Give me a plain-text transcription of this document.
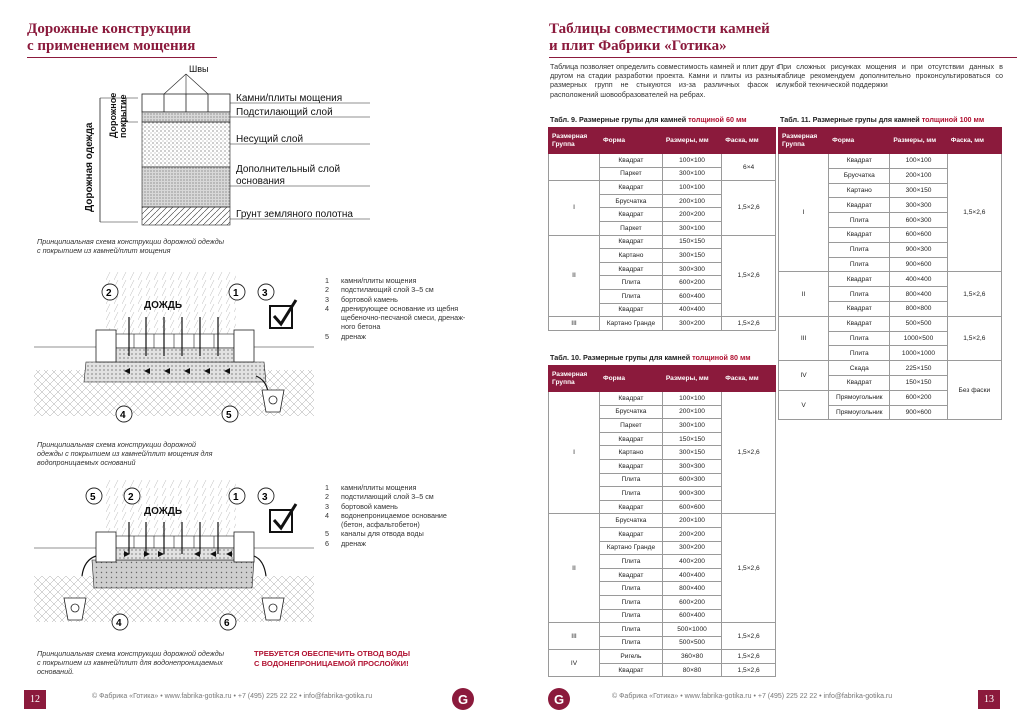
Дорожные конструкции
с применением мощения
Швы
Дорожная одежда
Дорожное покрытие	Камни/плиты мощения
Подстилающий слой
Несущий слой
Дополнительный слой
основания
Грунт земляного полотна
Принципиальная схема конструкции дорожной одежды
с покрытием из камней/плит мощения
ДОЖДЬ
2	1 3
4	5
1	камни/плиты мощения
2	подстилающий слой 3–5 см
3	бортовой камень
4	дренирующее основание из щебня
щебеночно-песчаной смеси, дренаж-
ного бетона
5	дренаж
Принципиальная схема конструкции дорожной
одежды с покрытием из камней/плит мощения для
водопроницаемых оснований
ДОЖДЬ
5	2	1 3
4	6
1	камни/плиты мощения
2	подстилающий слой 3–5 см
3	бортовой камень
4	водонепроницаемое основание
(бетон, асфальтобетон)
5	каналы для отвода воды
6	дренаж
Принципиальная схема конструкции дорожной одежды
с покрытием из камней/плит для водонепроницаемых
оснований.
ТРЕБУЕТСЯ ОБЕСПЕЧИТЬ ОТВОД ВОДЫ
С ВОДОНЕПРОНИЦАЕМОЙ ПРОСЛОЙКИ!
12	© Фабрика «Готика» • www.fabrika-gotika.ru • +7 (495) 225 22 22 • info@fabrika-gotika.ru	G
Таблицы совместимости камней
и плит Фабрики «Готика»
Таблица позволяет определить совместимость камней и плит друг с другом на стадии разработки проекта. Камни и плиты из разных размерных групп не стыкуются из-за различных фасок и расположений шовообразователей на ребрах.
При сложных рисунках мощения и при отсутствии данных в таблице рекомендуем дополнительно проконсультироваться со службой технической поддержки
Табл. 9. Размерные групы для камней толщиной 60 мм
Размерная Группа	Форма	Размеры, мм	Фаска, мм
	Квадрат	100×100	6×4
	Паркет	300×100	
I	Квадрат	100×100	1,5×2,6
	Брусчатка	200×100	
	Квадрат	200×200	
	Паркет	300×100	
II	Квадрат	150×150	1,5×2,6
	Картано	300×150	
	Квадрат	300×300	
	Плита	600×200	
	Плита	600×400	
	Квадрат	400×400	
III	Картано Гранде	300×200	1,5×2,6
Табл. 10. Размерные групы для камней толщиной 80 мм
Размерная Группа	Форма	Размеры, мм	Фаска, мм
I	Квадрат	100×100	1,5×2,6
	Брусчатка	200×100	
	Паркет	300×100	
	Квадрат	150×150	
	Картано	300×150	
	Квадрат	300×300	
	Плита	600×300	
	Плита	900×300	
	Квадрат	600×600	
II	Брусчатка	200×100	1,5×2,6
	Квадрат	200×200	
	Картано Гранде	300×200	
	Плита	400×200	
	Квадрат	400×400	
	Плита	800×400	
	Плита	600×200	
	Плита	600×400	
III	Плита	500×1000	1,5×2,6
	Плита	500×500	
IV	Ригель	360×80	1,5×2,6
	Квадрат	80×80	1,5×2,6
Табл. 11. Размерные групы для камней толщиной 100 мм
Размерная Группа	Форма	Размеры, мм	Фаска, мм
I	Квадрат	100×100	1,5×2,6
	Брусчатка	200×100	
	Картано	300×150	
	Квадрат	300×300	
	Плита	600×300	
	Квадрат	600×600	
	Плита	900×300	
	Плита	900×600	
II	Квадрат	400×400	1,5×2,6
	Плита	800×400	
	Квадрат	800×800	
III	Квадрат	500×500	1,5×2,6
	Плита	1000×500	
	Плита	1000×1000	
IV	Скада	225×150	Без фаски
	Квадрат	150×150	
V	Прямоугольник	600×200	
	Прямоугольник	900×600	
G	© Фабрика «Готика» • www.fabrika-gotika.ru • +7 (495) 225 22 22 • info@fabrika-gotika.ru	13
